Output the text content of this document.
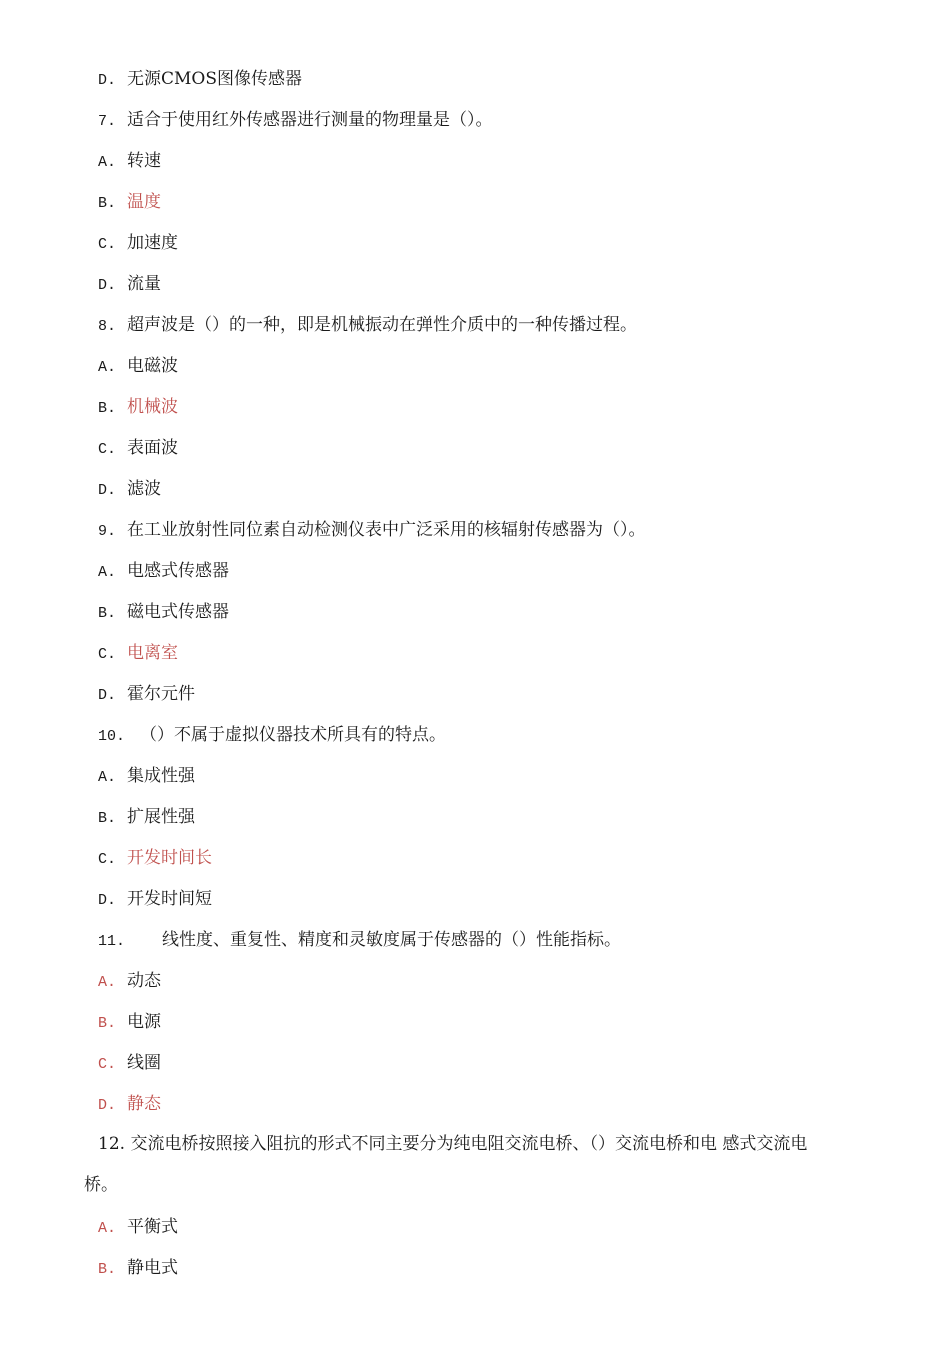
D. 无源CMOS图像传感器
7. 适合于使用红外传感器进行测量的物理量是（）。
A. 转速
B. 温度
C. 加速度
D. 流量
8. 超声波是（）的一种，即是机械振动在弹性介质中的一种传播过程。
A. 电磁波
B. 机械波
C. 表面波
D. 滤波
9. 在工业放射性同位素自动检测仪表中广泛采用的核辐射传感器为（）。
A. 电感式传感器
B. 磁电式传感器
C. 电离室
D. 霍尔元件
10. （）不属于虚拟仪器技术所具有的特点。
A. 集成性强
B. 扩展性强
C. 开发时间长
D. 开发时间短
11. 线性度、重复性、精度和灵敏度属于传感器的（）性能指标。
A. 动态
B. 电源
C. 线圈
D. 静态
12. 交流电桥按照接入阻抗的形式不同主要分为纯电阻交流电桥、（）交流电桥和电 感式交流电
桥。
A. 平衡式
B. 静电式
